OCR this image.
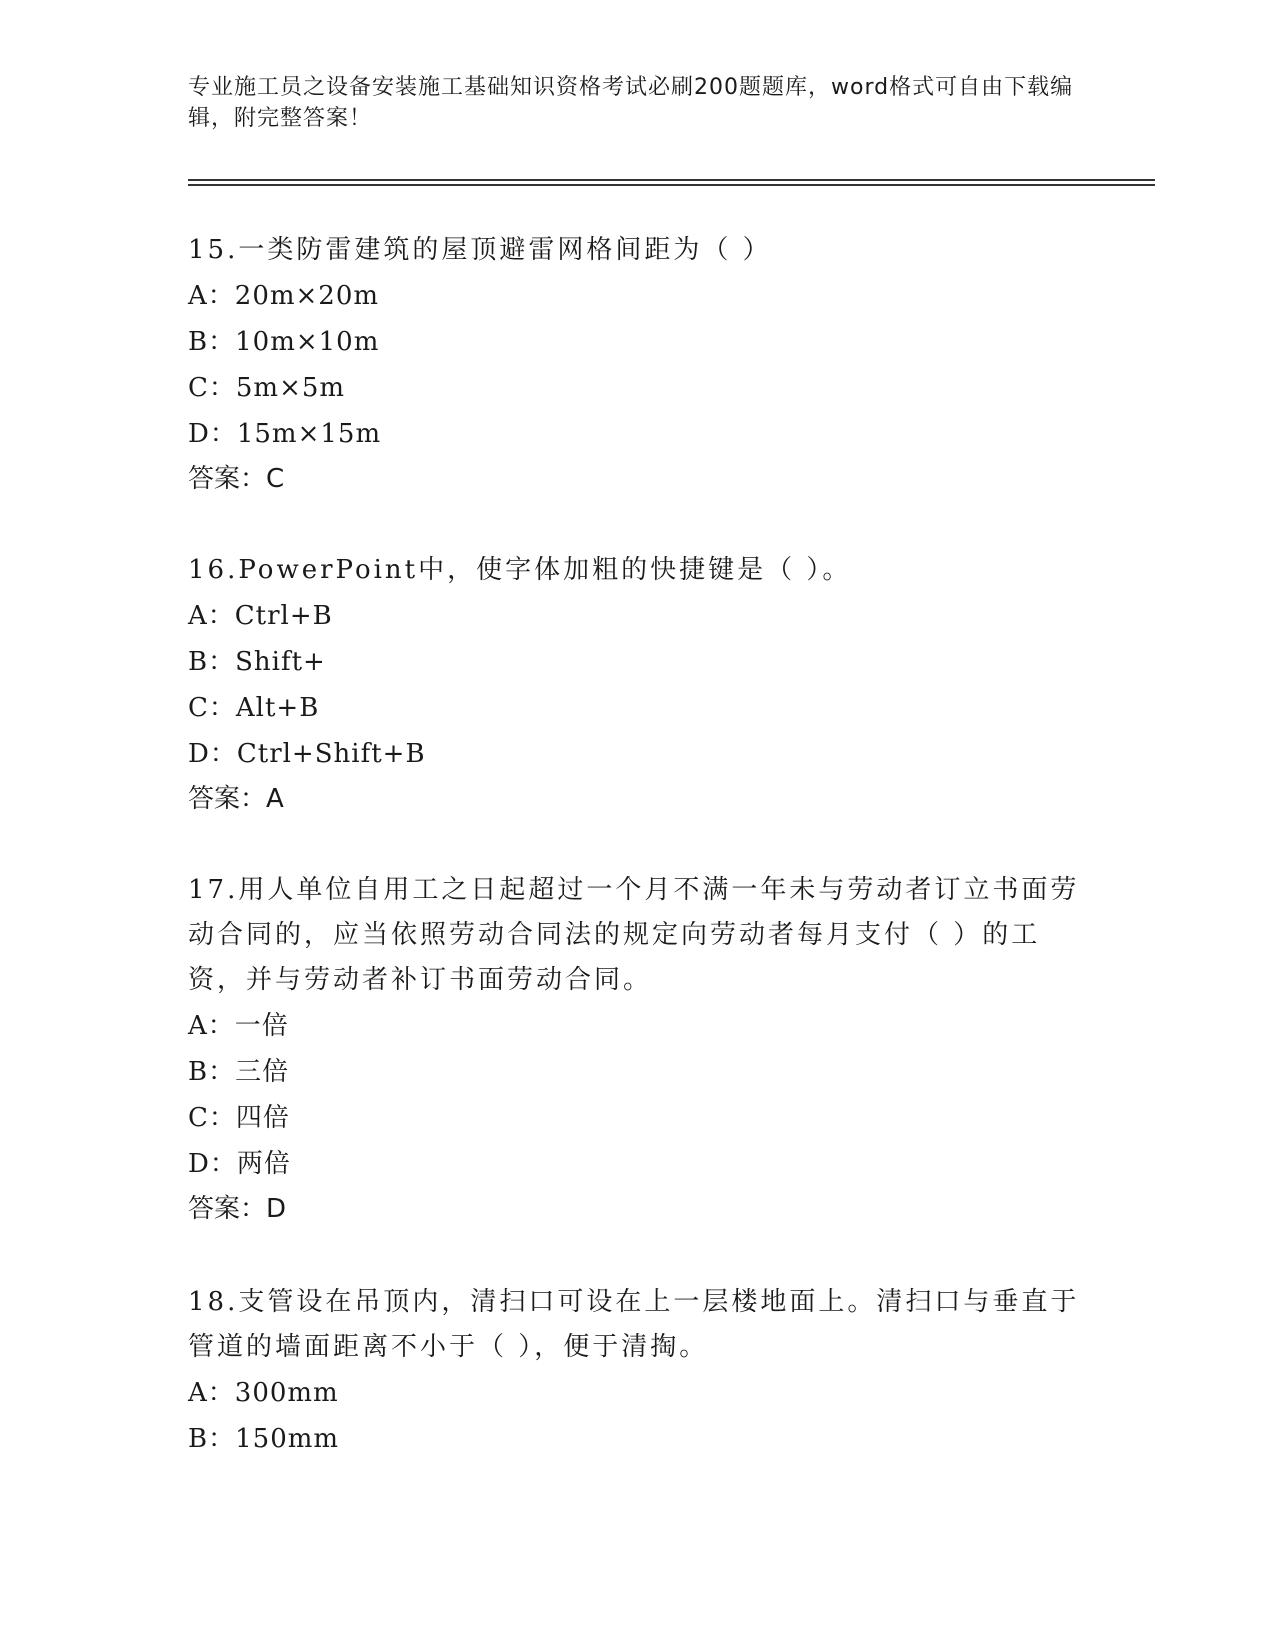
专业施工员之设备安装施工基础知识资格考试必刷200题题库，word格式可自由下载编辑，附完整答案！

15.一类防雷建筑的屋顶避雷网格间距为（ ）

A：20m×20m

B：10m×10m

C：5m×5m

D：15m×15m

答案：C

16.PowerPoint中，使字体加粗的快捷键是（ ）。

A：Ctrl+B

B：Shift+

C：Alt+B

D：Ctrl+Shift+B

答案：A

17.用人单位自用工之日起超过一个月不满一年未与劳动者订立书面劳动合同的，应当依照劳动合同法的规定向劳动者每月支付（ ）的工资，并与劳动者补订书面劳动合同。

A：一倍

B：三倍

C：四倍

D：两倍

答案：D

18.支管设在吊顶内，清扫口可设在上一层楼地面上。清扫口与垂直于管道的墙面距离不小于（ ），便于清掏。

A：300mm

B：150mm
